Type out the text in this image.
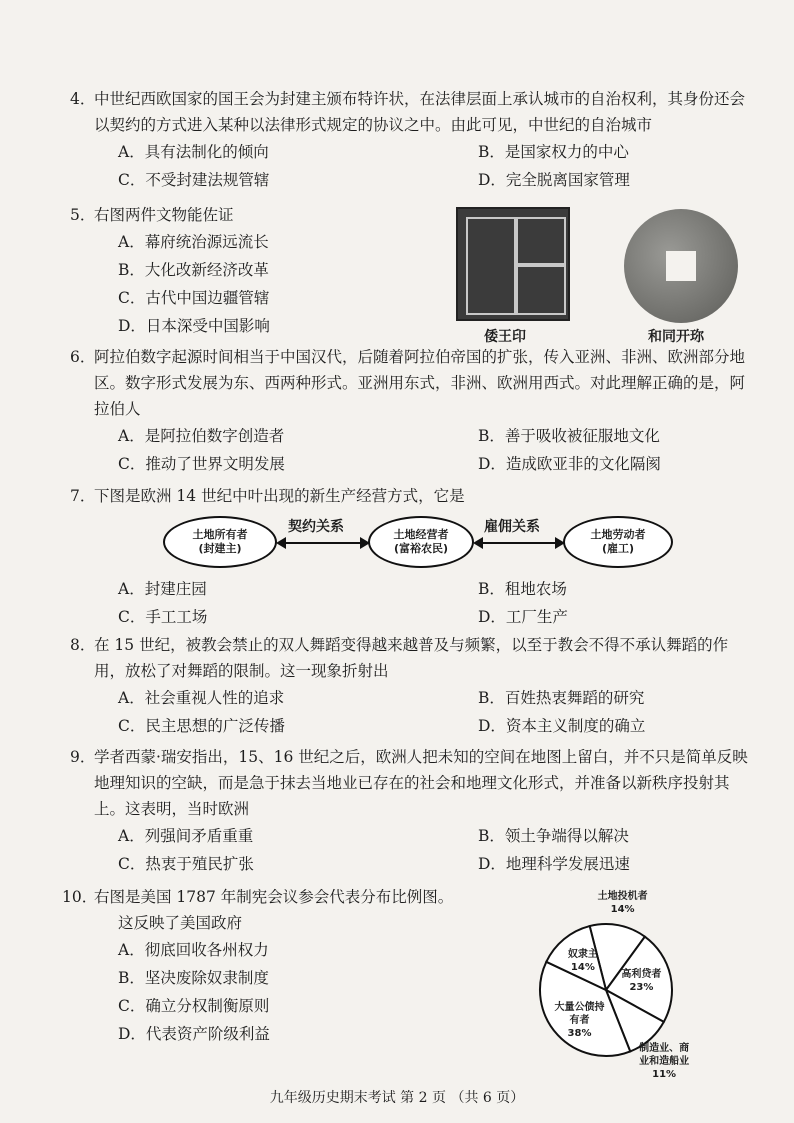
4．

中世纪西欧国家的国王会为封建主颁布特许状，在法律层面上承认城市的自治权利，其身份还会以契约的方式进入某种以法律形式规定的协议之中。由此可见，中世纪的自治城市

A．具有法制化的倾向	B．是国家权力的中心
C．不受封建法规管辖	D．完全脱离国家管理
5．

右图两件文物能佐证

A．幕府统治源远流长
B．大化改新经济改革
C．古代中国边疆管辖
D．日本深受中国影响
倭王印	和同开珎
6．

阿拉伯数字起源时间相当于中国汉代，后随着阿拉伯帝国的扩张，传入亚洲、非洲、欧洲部分地区。数字形式发展为东、西两种形式。亚洲用东式，非洲、欧洲用西式。对此理解正确的是，阿拉伯人

A．是阿拉伯数字创造者	B．善于吸收被征服地文化
C．推动了世界文明发展	D．造成欧亚非的文化隔阂
7．

下图是欧洲 14 世纪中叶出现的新生产经营方式，它是

土地所有者
(封建主)
土地经营者
(富裕农民)
土地劳动者
(雇工)
契约关系	雇佣关系
A．封建庄园	B．租地农场
C．手工工场	D．工厂生产
8．

在 15 世纪，被教会禁止的双人舞蹈变得越来越普及与频繁，以至于教会不得不承认舞蹈的作用，放松了对舞蹈的限制。这一现象折射出

A．社会重视人性的追求	B．百姓热衷舞蹈的研究
C．民主思想的广泛传播	D．资本主义制度的确立
9．

学者西蒙·瑞安指出，15、16 世纪之后，欧洲人把未知的空间在地图上留白，并不只是简单反映地理知识的空缺，而是急于抹去当地业已存在的社会和地理文化形式，并准备以新秩序投射其上。这表明，当时欧洲

A．列强间矛盾重重	B．领土争端得以解决
C．热衷于殖民扩张	D．地理科学发展迅速
10．

右图是美国 1787 年制宪会议参会代表分布比例图。

这反映了美国政府

A．彻底回收各州权力
B．坚决废除奴隶制度
C．确立分权制衡原则
D．代表资产阶级利益
土地投机者
14%
高利贷者
23%
制造业、商
业和造船业
11%
大量公债持
有者
38%
奴隶主
14%
九年级历史期末考试 第 2 页 （共 6 页）
